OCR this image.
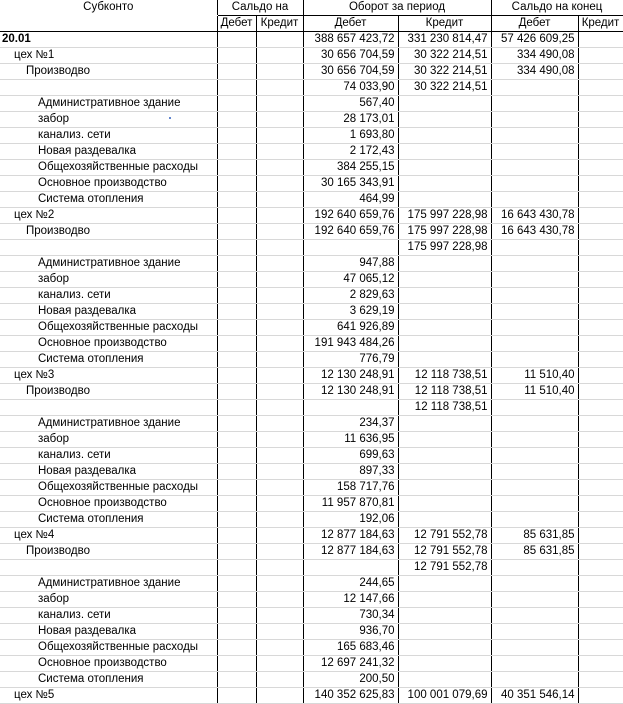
Субконто	Сальдо на		Оборот за период		Сальдо на конец	
	Дебет	Кредит	Дебет	Кредит	Дебет	Кредит
20.01			388 657 423,72	331 230 814,47	57 426 609,25	
цех №1			30 656 704,59	30 322 214,51	334 490,08	
Производво			30 656 704,59	30 322 214,51	334 490,08	
			74 033,90	30 322 214,51		
Административное здание			567,40			
забор			28 173,01			
канализ. сети			1 693,80			
Новая раздевалка			2 172,43			
Общехозяйственные расходы			384 255,15			
Основное производство			30 165 343,91			
Система отопления			464,99			
цех №2			192 640 659,76	175 997 228,98	16 643 430,78	
Производво			192 640 659,76	175 997 228,98	16 643 430,78	
				175 997 228,98		
Административное здание			947,88			
забор			47 065,12			
канализ. сети			2 829,63			
Новая раздевалка			3 629,19			
Общехозяйственные расходы			641 926,89			
Основное производство			191 943 484,26			
Система отопления			776,79			
цех №3			12 130 248,91	12 118 738,51	11 510,40	
Производво			12 130 248,91	12 118 738,51	11 510,40	
				12 118 738,51		
Административное здание			234,37			
забор			11 636,95			
канализ. сети			699,63			
Новая раздевалка			897,33			
Общехозяйственные расходы			158 717,76			
Основное производство			11 957 870,81			
Система отопления			192,06			
цех №4			12 877 184,63	12 791 552,78	85 631,85	
Производво			12 877 184,63	12 791 552,78	85 631,85	
				12 791 552,78		
Административное здание			244,65			
забор			12 147,66			
канализ. сети			730,34			
Новая раздевалка			936,70			
Общехозяйственные расходы			165 683,46			
Основное производство			12 697 241,32			
Система отопления			200,50			
цех №5			140 352 625,83	100 001 079,69	40 351 546,14	
